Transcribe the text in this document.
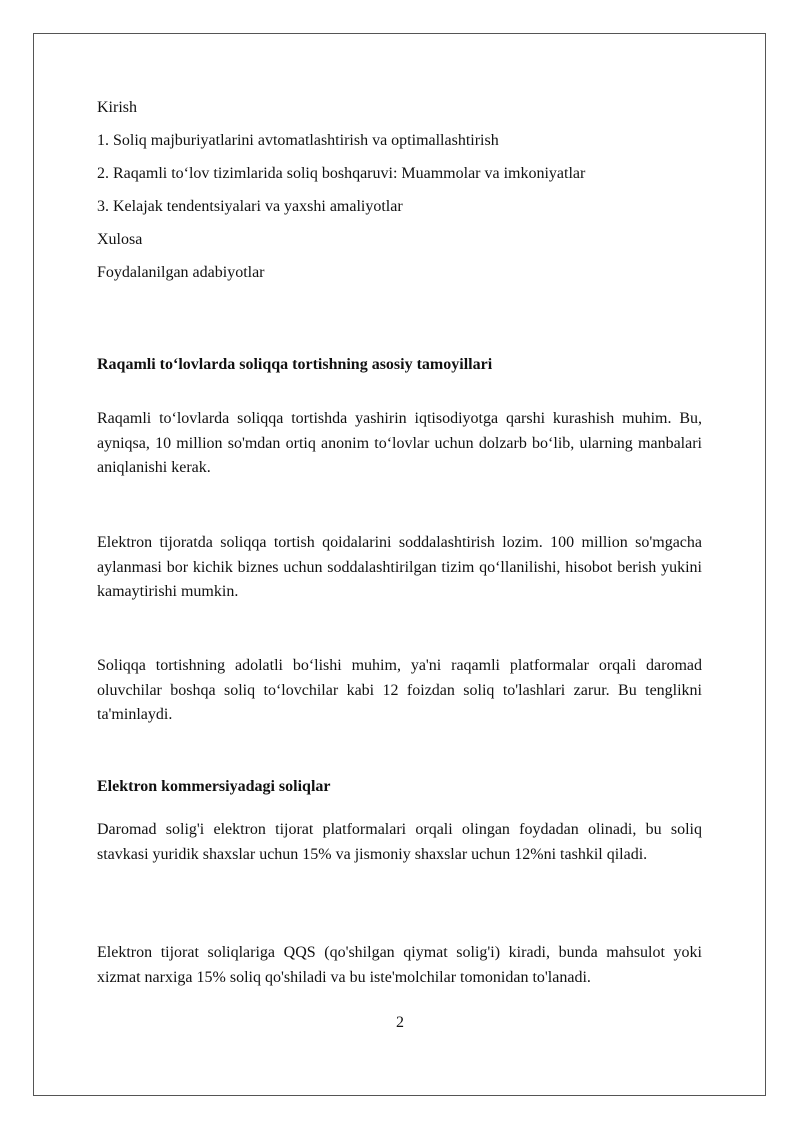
Kirish
1. Soliq majburiyatlarini avtomatlashtirish va optimallashtirish
2. Raqamli to‘lov tizimlarida soliq boshqaruvi: Muammolar va imkoniyatlar
3. Kelajak tendentsiyalari va yaxshi amaliyotlar
Xulosa
Foydalanilgan adabiyotlar
Raqamli to‘lovlarda soliqqa tortishning asosiy tamoyillari

Raqamli to‘lovlarda soliqqa tortishda yashirin iqtisodiyotga qarshi kurashish muhim. Bu, ayniqsa, 10 million so'mdan ortiq anonim to‘lovlar uchun dolzarb bo‘lib, ularning manbalari aniqlanishi kerak.

Elektron tijoratda soliqqa tortish qoidalarini soddalashtirish lozim. 100 million so'mgacha aylanmasi bor kichik biznes uchun soddalashtirilgan tizim qo‘llanilishi, hisobot berish yukini kamaytirishi mumkin.

Soliqqa tortishning adolatli bo‘lishi muhim, ya'ni raqamli platformalar orqali daromad oluvchilar boshqa soliq to‘lovchilar kabi 12 foizdan soliq to'lashlari zarur. Bu tenglikni ta'minlaydi.

Elektron kommersiyadagi soliqlar

Daromad solig'i elektron tijorat platformalari orqali olingan foydadan olinadi, bu soliq stavkasi yuridik shaxslar uchun 15% va jismoniy shaxslar uchun 12%ni tashkil qiladi.

Elektron tijorat soliqlariga QQS (qo'shilgan qiymat solig'i) kiradi, bunda mahsulot yoki xizmat narxiga 15% soliq qo'shiladi va bu iste'molchilar tomonidan to'lanadi.

2
